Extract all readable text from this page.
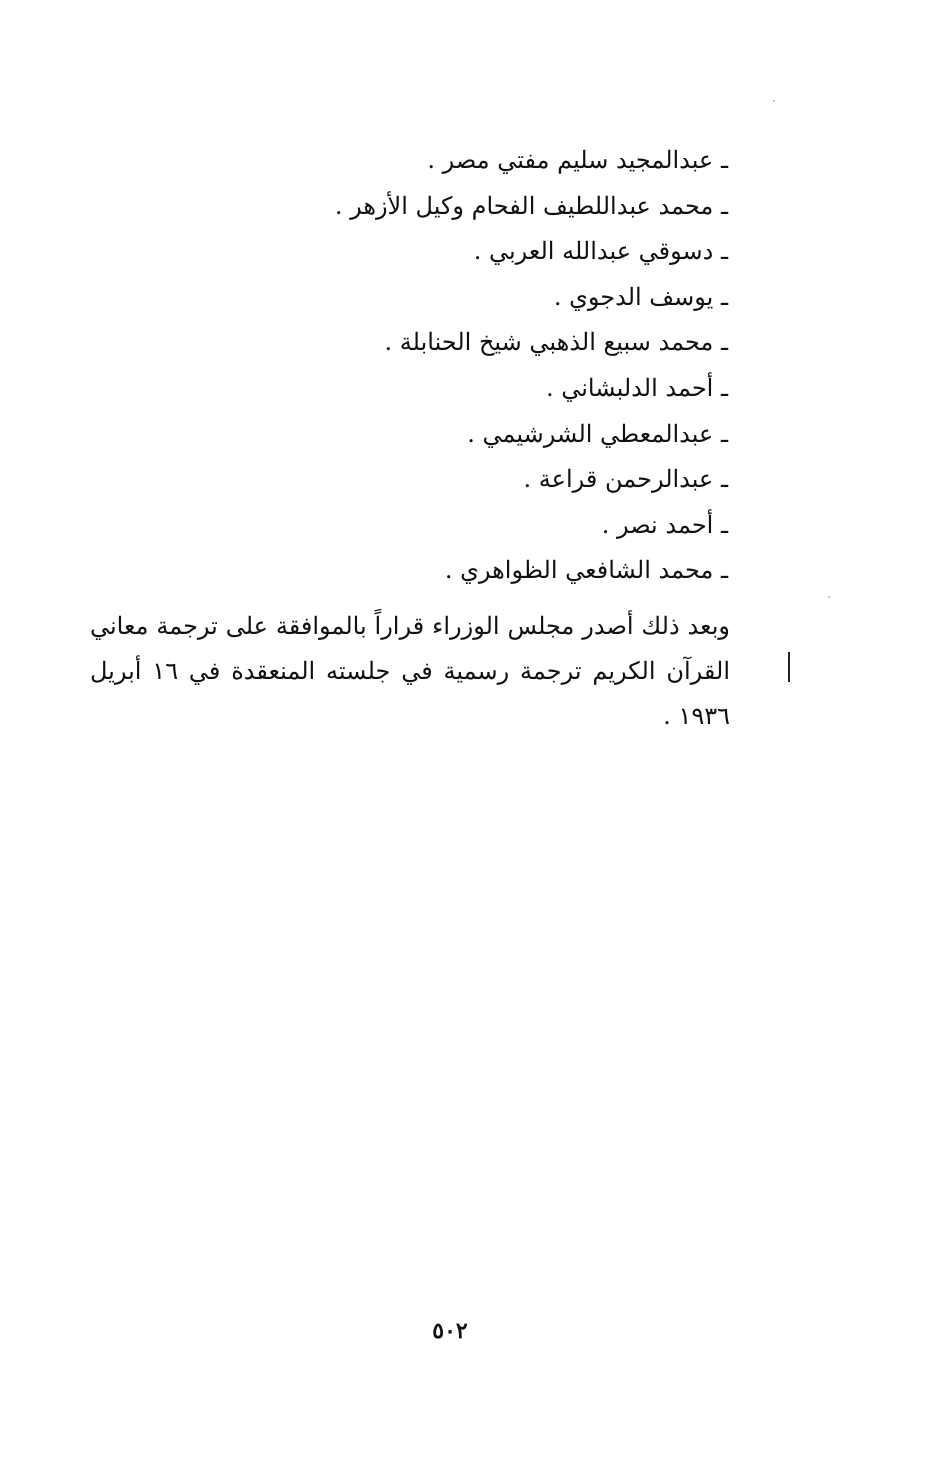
ـ عبدالمجيد سليم مفتي مصر .
ـ محمد عبداللطيف الفحام وكيل الأزهر .
ـ دسوقي عبدالله العربي .
ـ يوسف الدجوي .
ـ محمد سبيع الذهبي شيخ الحنابلة .
ـ أحمد الدلبشاني .
ـ عبدالمعطي الشرشيمي .
ـ عبدالرحمن قراعة .
ـ أحمد نصر .
ـ محمد الشافعي الظواهري .

وبعد ذلك أصدر مجلس الوزراء قراراً بالموافقة على ترجمة معاني القرآن الكريم ترجمة رسمية في جلسته المنعقدة في ١٦ أبريل ١٩٣٦ .

٥٠٢
